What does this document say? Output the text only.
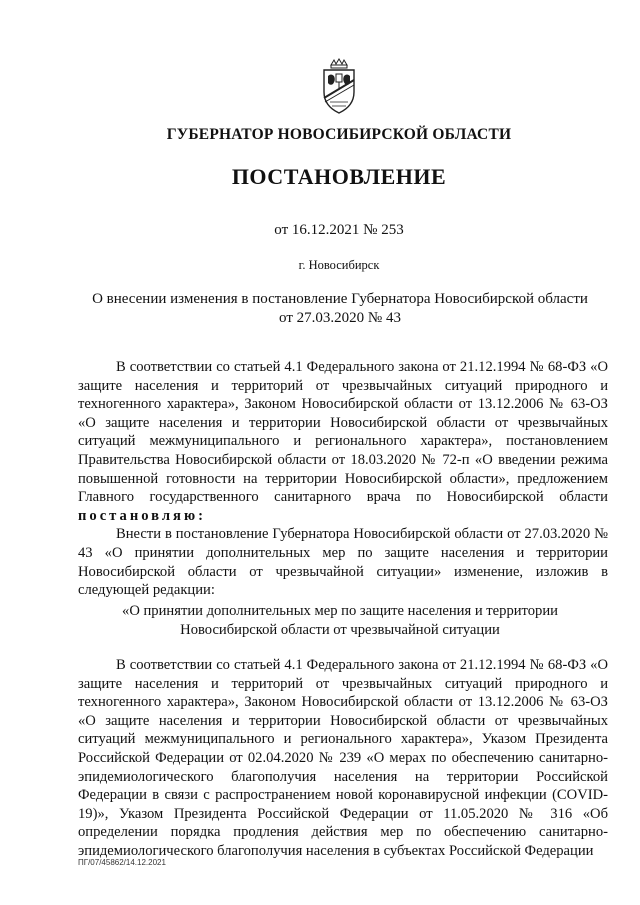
ГУБЕРНАТОР НОВОСИБИРСКОЙ ОБЛАСТИ
ПОСТАНОВЛЕНИЕ
от 16.12.2021 № 253
г. Новосибирск
О внесении изменения в постановление Губернатора Новосибирской области
от 27.03.2020 № 43

В соответствии со статьей 4.1 Федерального закона от 21.12.1994 № 68-ФЗ «О защите населения и территорий от чрезвычайных ситуаций природного и техногенного характера», Законом Новосибирской области от 13.12.2006 № 63-ОЗ «О защите населения и территории Новосибирской области от чрезвычайных ситуаций межмуниципального и регионального характера», постановлением Правительства Новосибирской области от 18.03.2020 № 72-п «О введении режима повышенной готовности на территории Новосибирской области», предложением Главного государственного санитарного врача по Новосибирской области постановляю:

Внести в постановление Губернатора Новосибирской области от 27.03.2020 № 43 «О принятии дополнительных мер по защите населения и территории Новосибирской области от чрезвычайной ситуации» изменение, изложив в следующей редакции:

«О принятии дополнительных мер по защите населения и территории
Новосибирской области от чрезвычайной ситуации

В соответствии со статьей 4.1 Федерального закона от 21.12.1994 № 68-ФЗ «О защите населения и территорий от чрезвычайных ситуаций природного и техногенного характера», Законом Новосибирской области от 13.12.2006 № 63-ОЗ «О защите населения и территории Новосибирской области от чрезвычайных ситуаций межмуниципального и регионального характера», Указом Президента Российской Федерации от 02.04.2020 № 239 «О мерах по обеспечению санитарно-эпидемиологического благополучия населения на территории Российской Федерации в связи с распространением новой коронавирусной инфекции (COVID-19)», Указом Президента Российской Федерации от 11.05.2020 № 316 «Об определении порядка продления действия мер по обеспечению санитарно-эпидемиологического благополучия населения в субъектах Российской Федерации

ПГ/07/45862/14.12.2021
